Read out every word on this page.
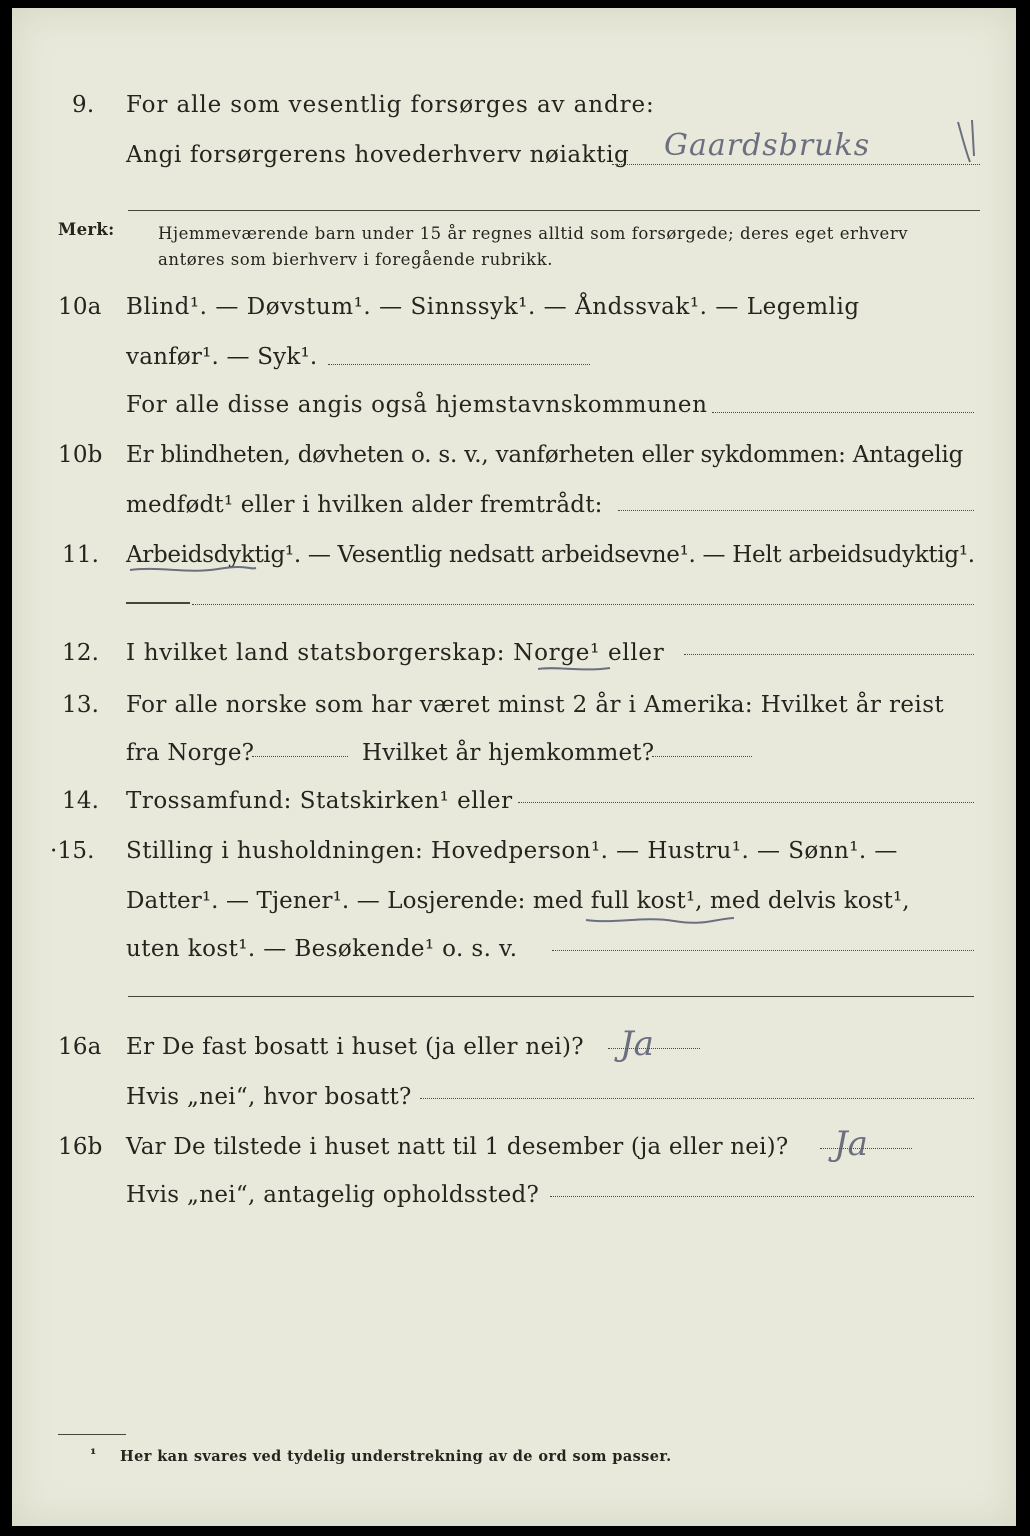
9. For alle som vesentlig forsørges av andre:
Angi forsørgerens hovederhverv nøiaktig Gaardsbruks
Merk:	Hjemmeværende barn under 15 år regnes alltid som forsørgede; deres eget erhverv
antøres som bierhverv i foregående rubrikk.
10a Blind¹. — Døvstum¹. — Sinnssyk¹. — Åndssvak¹. — Legemlig
vanfør¹. — Syk¹.
For alle disse angis også hjemstavnskommunen
10b Er blindheten, døvheten o. s. v., vanførheten eller sykdommen: Antagelig
medfødt¹ eller i hvilken alder fremtrådt:
11. Arbeidsdyktig¹. — Vesentlig nedsatt arbeidsevne¹. — Helt arbeidsudyktig¹.
12. I hvilket land statsborgerskap: Norge¹ eller
13. For alle norske som har været minst 2 år i Amerika: Hvilket år reist
fra Norge?	Hvilket år hjemkommet?
14. Trossamfund: Statskirken¹ eller
·15. Stilling i husholdningen: Hovedperson¹. — Hustru¹. — Sønn¹. —
Datter¹. — Tjener¹. — Losjerende: med full kost¹, med delvis kost¹,
uten kost¹. — Besøkende¹ o. s. v.
16a Er De fast bosatt i huset (ja eller nei)? Ja
Hvis „nei“, hvor bosatt?
16b Var De tilstede i huset natt til 1 desember (ja eller nei)? Ja
Hvis „nei“, antagelig opholdssted?
¹ Her kan svares ved tydelig understrekning av de ord som passer.
